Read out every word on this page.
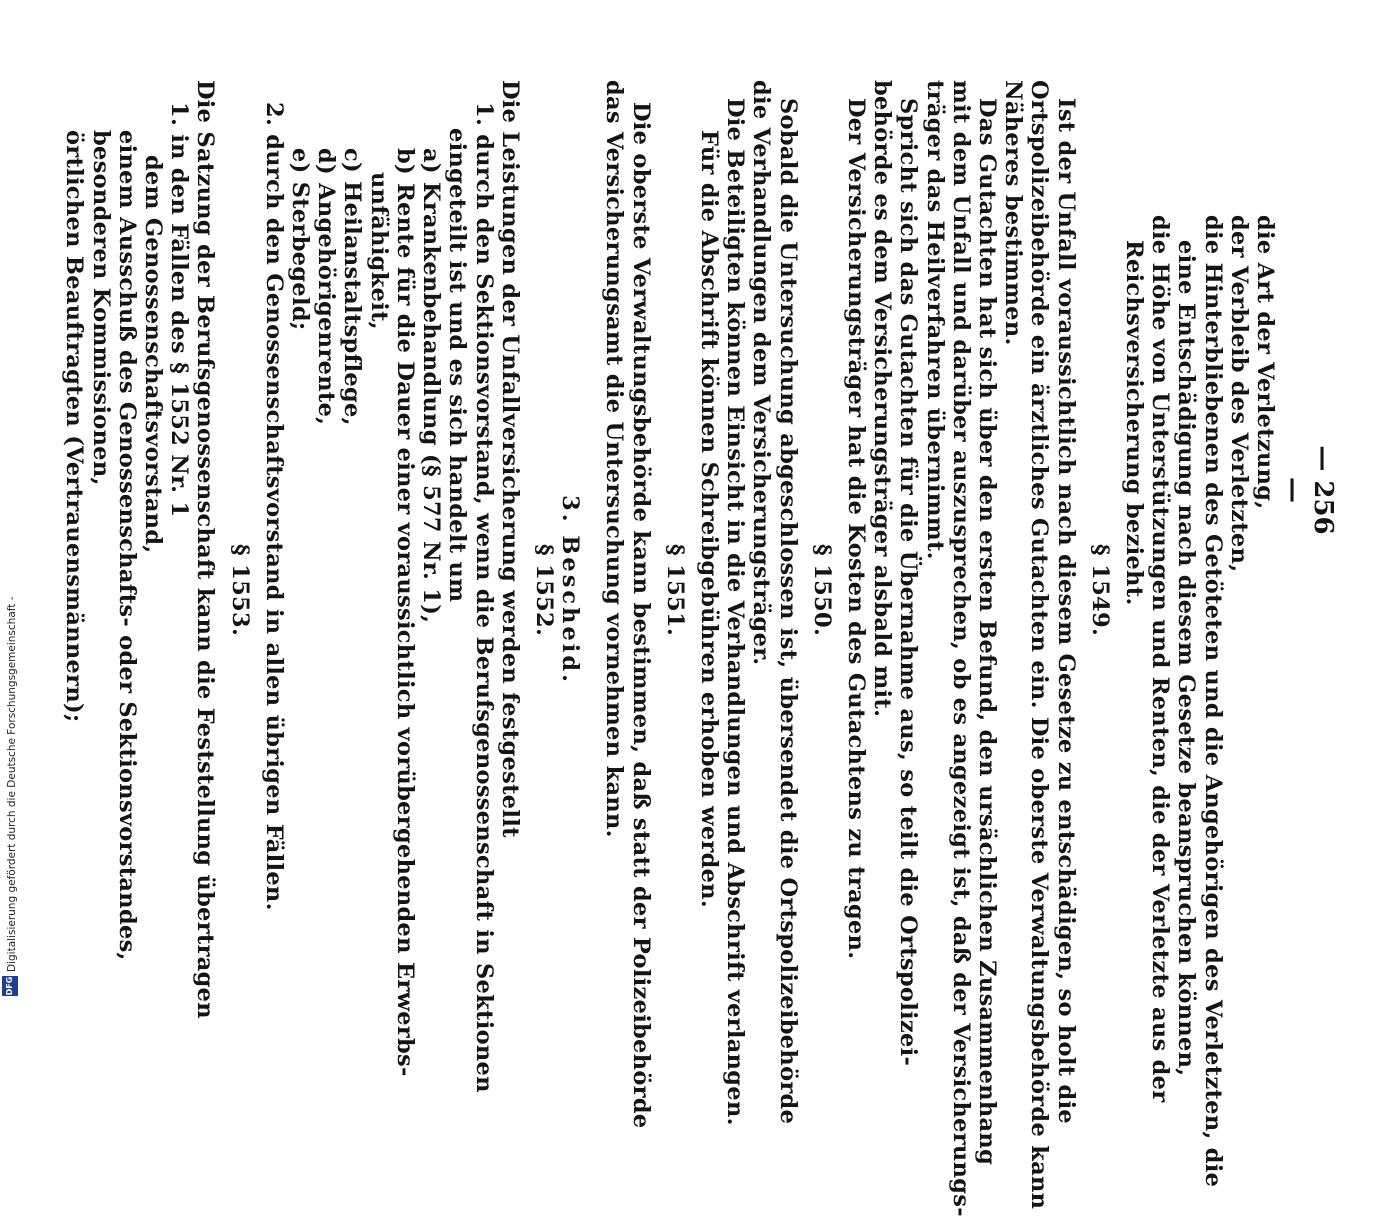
— 256 —
die Art der Verletzung,
der Verbleib des Verletzten,
die Hinterbliebenen des Getöteten und die Angehörigen des Verletzten, die
eine Entschädigung nach diesem Gesetze beanspruchen können,
die Höhe von Unterstützungen und Renten, die der Verletzte aus der
Reichsversicherung bezieht.
§ 1549.
Ist der Unfall voraussichtlich nach diesem Gesetze zu entschädigen, so holt die
Ortspolizeibehörde ein ärztliches Gutachten ein. Die oberste Verwaltungsbehörde kann
Näheres bestimmen.
Das Gutachten hat sich über den ersten Befund, den ursächlichen Zusammenhang
mit dem Unfall und darüber auszusprechen, ob es angezeigt ist, daß der Versicherungs-
träger das Heilverfahren übernimmt.
Spricht sich das Gutachten für die Übernahme aus, so teilt die Ortspolizei-
behörde es dem Versicherungsträger alsbald mit.
Der Versicherungsträger hat die Kosten des Gutachtens zu tragen.
§ 1550.
Sobald die Untersuchung abgeschlossen ist, übersendet die Ortspolizeibehörde
die Verhandlungen dem Versicherungsträger.
Die Beteiligten können Einsicht in die Verhandlungen und Abschrift verlangen.
Für die Abschrift können Schreibgebühren erhoben werden.
§ 1551.
Die oberste Verwaltungsbehörde kann bestimmen, daß statt der Polizeibehörde
das Versicherungsamt die Untersuchung vornehmen kann.
3. Bescheid.
§ 1552.
Die Leistungen der Unfallversicherung werden festgestellt
1. durch den Sektionsvorstand, wenn die Berufsgenossenschaft in Sektionen
eingeteilt ist und es sich handelt um
a) Krankenbehandlung (§ 577 Nr. 1),
b) Rente für die Dauer einer voraussichtlich vorübergehenden Erwerbs-
unfähigkeit,
c) Heilanstaltspflege,
d) Angehörigenrente,
e) Sterbegeld;
2. durch den Genossenschaftsvorstand in allen übrigen Fällen.
§ 1553.
Die Satzung der Berufsgenossenschaft kann die Feststellung übertragen
1. in den Fällen des § 1552 Nr. 1
dem Genossenschaftsvorstand,
einem Ausschuß des Genossenschafts- oder Sektionsvorstandes,
besonderen Kommissionen,
örtlichen Beauftragten (Vertrauensmännern);
Digitalisierung gefördert durch die Deutsche Forschungsgemeinschaft -
DFG
